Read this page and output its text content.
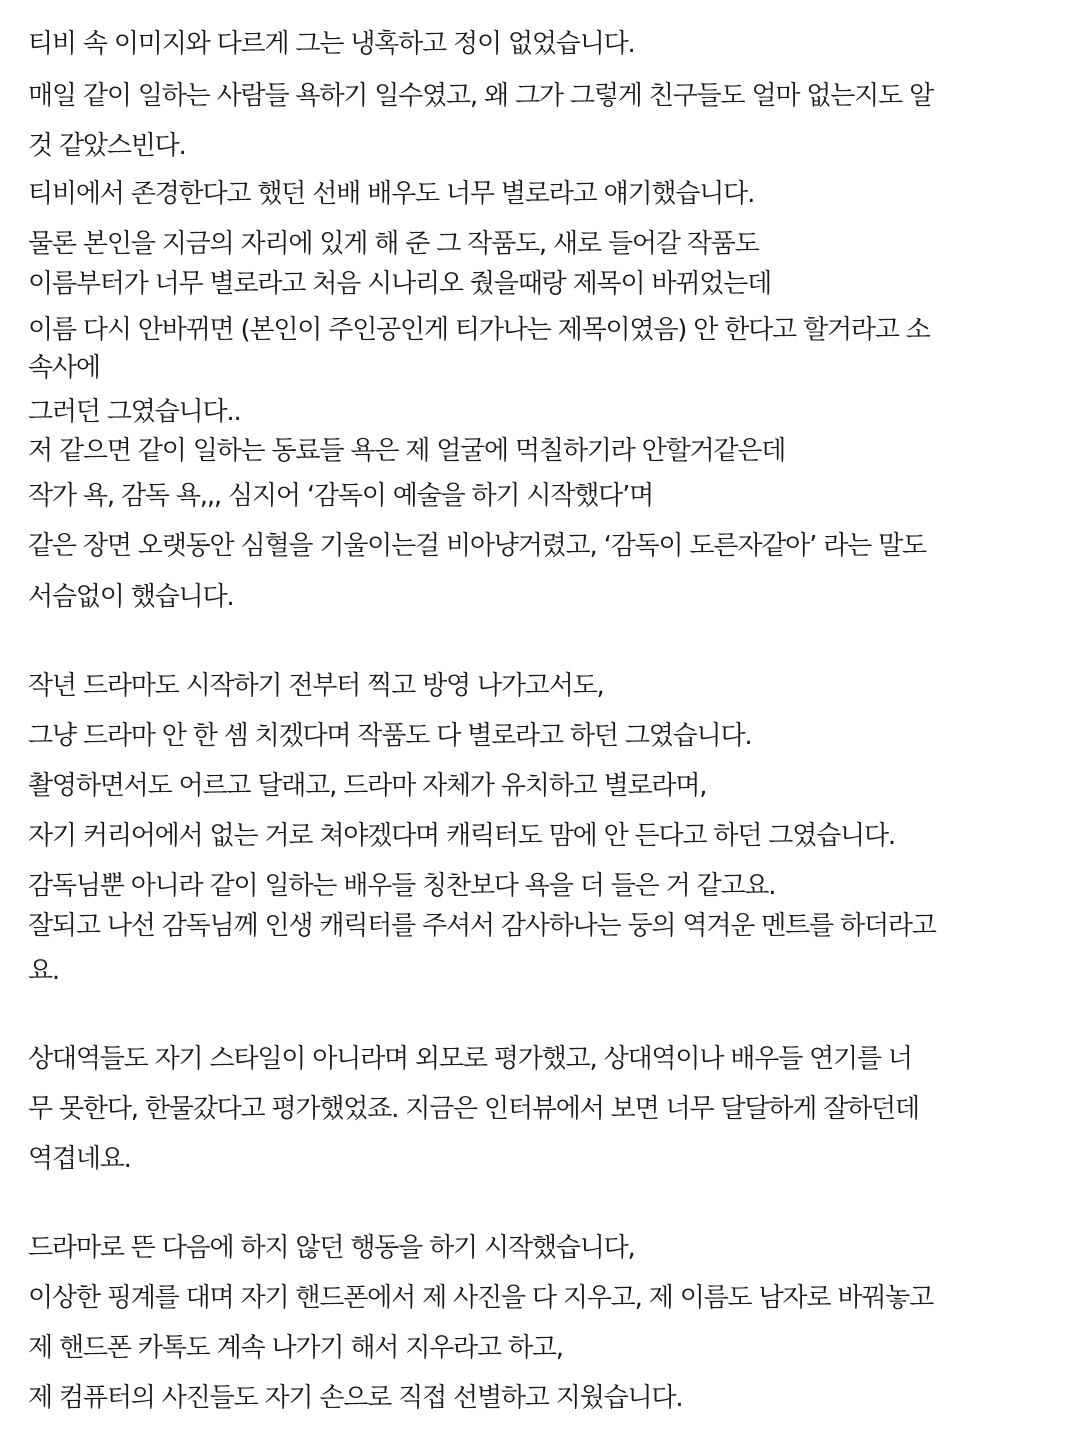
티비 속 이미지와 다르게 그는 냉혹하고 정이 없었습니다.
매일 같이 일하는 사람들 욕하기 일수였고, 왜 그가 그렇게 친구들도 얼마 없는지도 알
것 같았스빈다.
티비에서 존경한다고 했던 선배 배우도 너무 별로라고 얘기했습니다.
물론 본인을 지금의 자리에 있게 해 준 그 작품도, 새로 들어갈 작품도
이름부터가 너무 별로라고 처음 시나리오 줬을때랑 제목이 바뀌었는데
이름 다시 안바뀌면 (본인이 주인공인게 티가나는 제목이였음) 안 한다고 할거라고 소
속사에
그러던 그였습니다..
저 같으면 같이 일하는 동료들 욕은 제 얼굴에 먹칠하기라 안할거같은데
작가 욕, 감독 욕,,, 심지어 ‘감독이 예술을 하기 시작했다’며
같은 장면 오랫동안 심혈을 기울이는걸 비아냥거렸고, ‘감독이 도른자같아’ 라는 말도
서슴없이 했습니다.
작년 드라마도 시작하기 전부터 찍고 방영 나가고서도,
그냥 드라마 안 한 셈 치겠다며 작품도 다 별로라고 하던 그였습니다.
촬영하면서도 어르고 달래고, 드라마 자체가 유치하고 별로라며,
자기 커리어에서 없는 거로 쳐야겠다며 캐릭터도 맘에 안 든다고 하던 그였습니다.
감독님뿐 아니라 같이 일하는 배우들 칭찬보다 욕을 더 들은 거 같고요.
잘되고 나선 감독님께 인생 캐릭터를 주셔서 감사하나는 둥의 역겨운 멘트를 하더라고
요.
상대역들도 자기 스타일이 아니라며 외모로 평가했고, 상대역이나 배우들 연기를 너
무 못한다, 한물갔다고 평가했었죠. 지금은 인터뷰에서 보면 너무 달달하게 잘하던데
역겹네요.
드라마로 뜬 다음에 하지 않던 행동을 하기 시작했습니다,
이상한 핑계를 대며 자기 핸드폰에서 제 사진을 다 지우고, 제 이름도 남자로 바꿔놓고
제 핸드폰 카톡도 계속 나가기 해서 지우라고 하고,
제 컴퓨터의 사진들도 자기 손으로 직접 선별하고 지웠습니다.
